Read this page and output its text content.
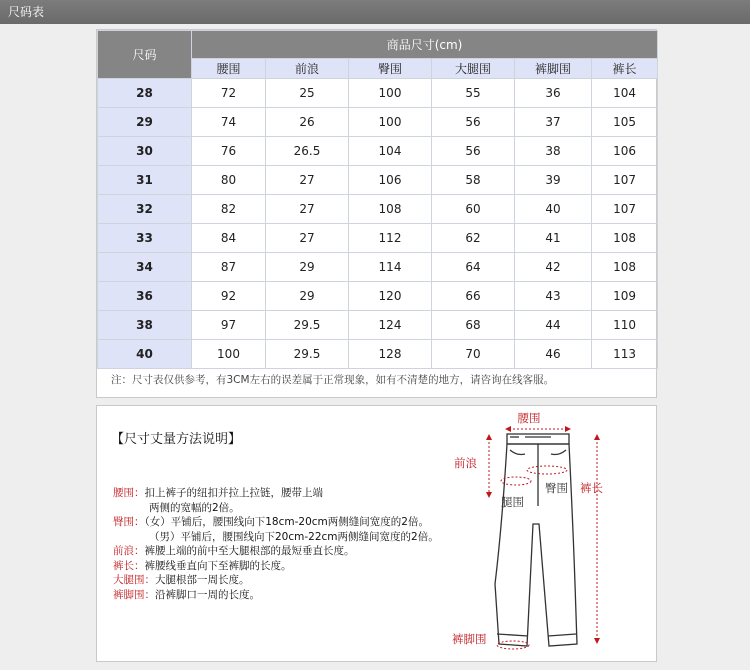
尺码表
尺码	商品尺寸(cm)					
	腰围	前浪	臀围	大腿围	裤脚围	裤长
28	72	25	100	55	36	104
29	74	26	100	56	37	105
30	76	26.5	104	56	38	106
31	80	27	106	58	39	107
32	82	27	108	60	40	107
33	84	27	112	62	41	108
34	87	29	114	64	42	108
36	92	29	120	66	43	109
38	97	29.5	124	68	44	110
40	100	29.5	128	70	46	113
注：尺寸表仅供参考，有3CM左右的误差属于正常现象，如有不清楚的地方，请咨询在线客服。
【尺寸丈量方法说明】
腰围：扣上裤子的纽扣并拉上拉链，腰带上端
两侧的宽幅的2倍。
臀围：（女）平铺后，腰围线向下18cm-20cm两侧缝间宽度的2倍。
（男）平铺后，腰围线向下20cm-22cm两侧缝间宽度的2倍。
前浪：裤腰上端的前中至大腿根部的最短垂直长度。
裤长：裤腰线垂直向下至裤脚的长度。
大腿围：大腿根部一周长度。
裤脚围：沿裤脚口一周的长度。
腰围
前浪
腿围
臀围 裤长
裤脚围
